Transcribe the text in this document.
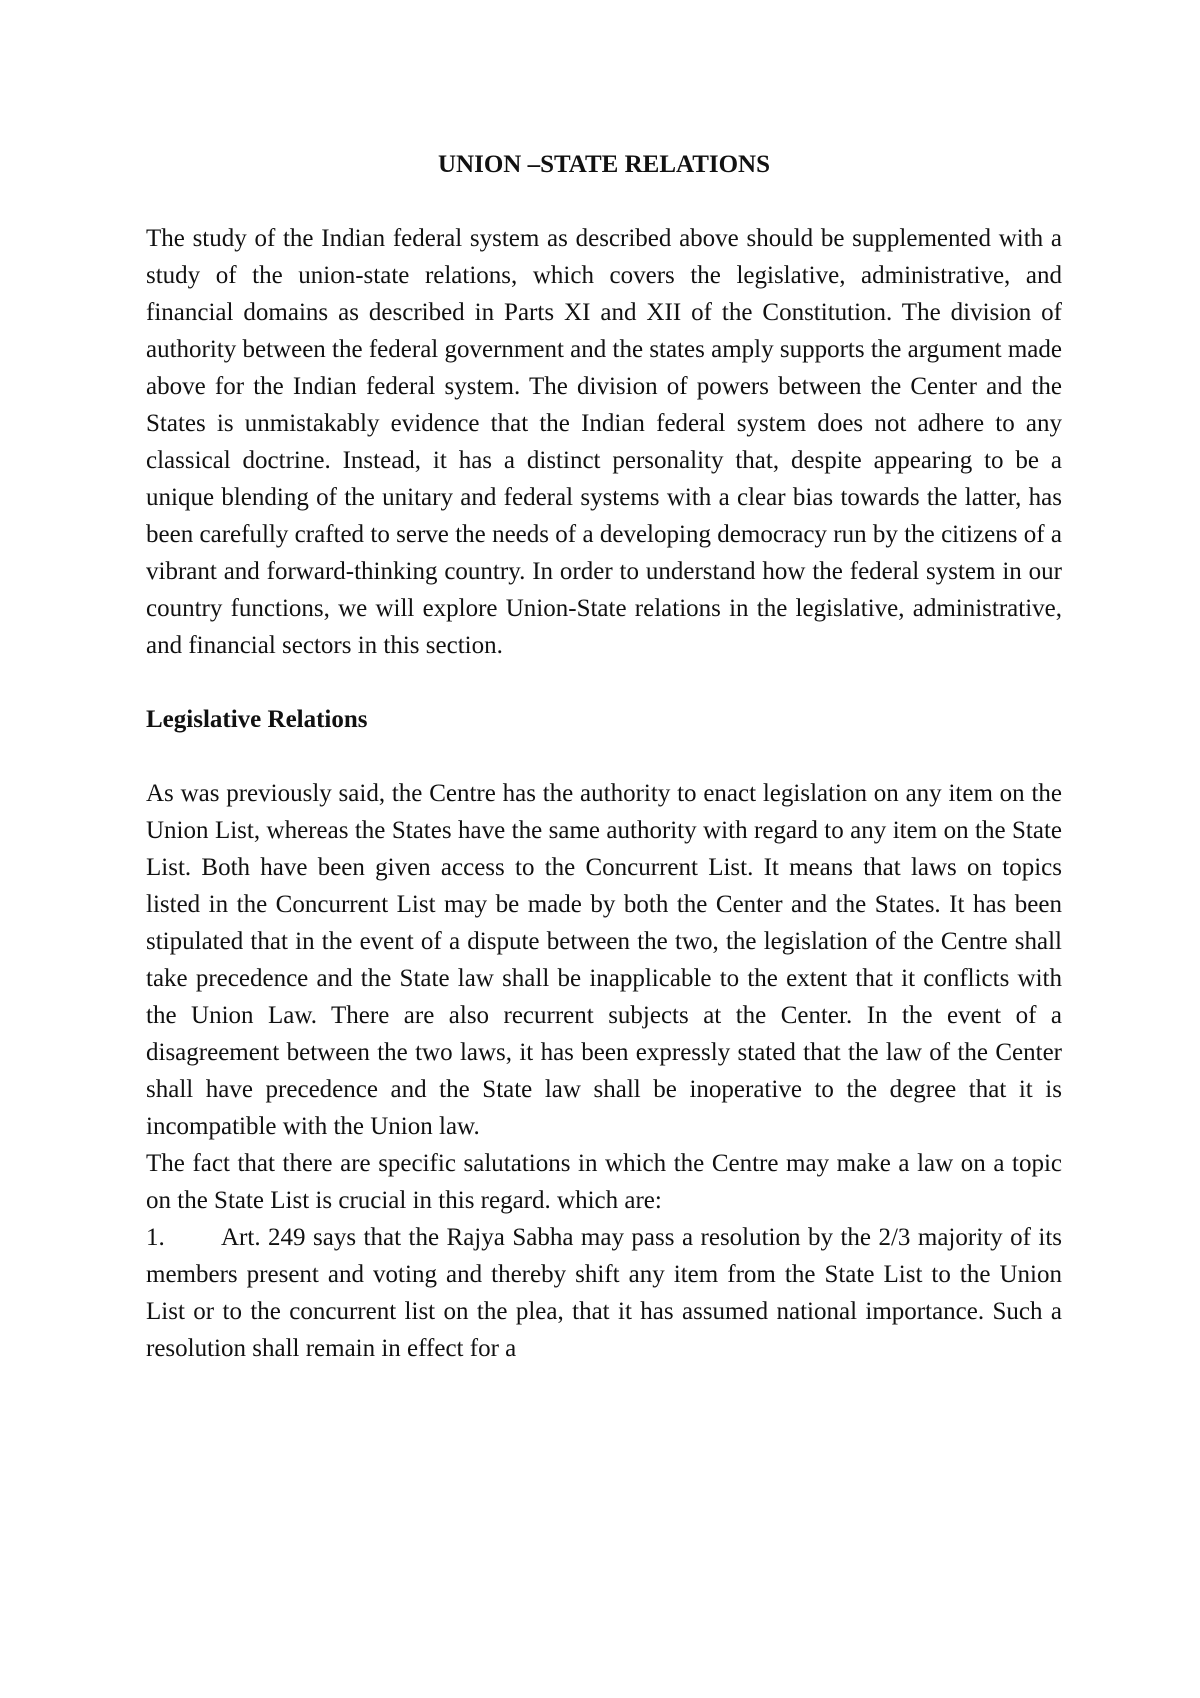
UNION –STATE RELATIONS

The study of the Indian federal system as described above should be supplemented with a study of the union-state relations, which covers the legislative, administrative, and financial domains as described in Parts XI and XII of the Constitution. The division of authority between the federal government and the states amply supports the argument made above for the Indian federal system. The division of powers between the Center and the States is unmistakably evidence that the Indian federal system does not adhere to any classical doctrine. Instead, it has a distinct personality that, despite appearing to be a unique blending of the unitary and federal systems with a clear bias towards the latter, has been carefully crafted to serve the needs of a developing democracy run by the citizens of a vibrant and forward-thinking country. In order to understand how the federal system in our country functions, we will explore Union-State relations in the legislative, administrative, and financial sectors in this section.

Legislative Relations

As was previously said, the Centre has the authority to enact legislation on any item on the Union List, whereas the States have the same authority with regard to any item on the State List. Both have been given access to the Concurrent List. It means that laws on topics listed in the Concurrent List may be made by both the Center and the States. It has been stipulated that in the event of a dispute between the two, the legislation of the Centre shall take precedence and the State law shall be inapplicable to the extent that it conflicts with the Union Law. There are also recurrent subjects at the Center. In the event of a disagreement between the two laws, it has been expressly stated that the law of the Center shall have precedence and the State law shall be inoperative to the degree that it is incompatible with the Union law.

The fact that there are specific salutations in which the Centre may make a law on a topic on the State List is crucial in this regard. which are:

1. Art. 249 says that the Rajya Sabha may pass a resolution by the 2/3 majority of its members present and voting and thereby shift any item from the State List to the Union List or to the concurrent list on the plea, that it has assumed national importance. Such a resolution shall remain in effect for a
